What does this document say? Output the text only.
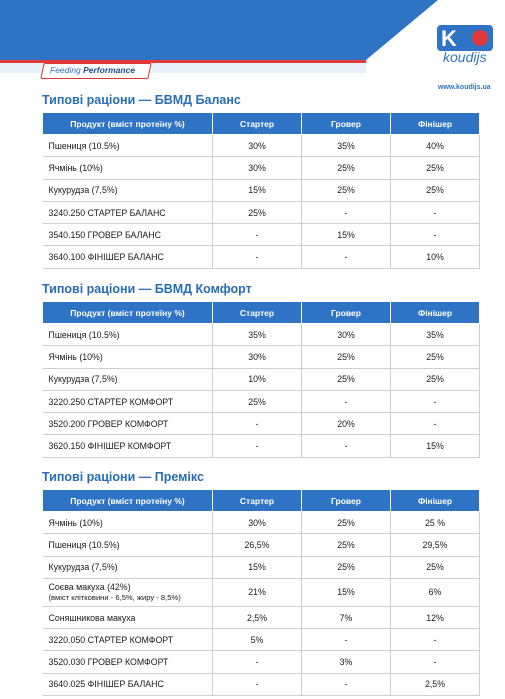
Feeding Performance
K
koudijs
www.koudijs.ua
Типові раціони — БВМД Баланс
Продукт (вміст протеїну %)	Стартер	Гровер	Фінішер
Пшениця (10.5%)	30%	35%	40%
Ячмінь (10%)	30%	25%	25%
Кукурудза (7,5%)	15%	25%	25%
3240.250 СТАРТЕР БАЛАНС	25%	-	-
3540.150 ГРОВЕР БАЛАНС	-	15%	-
3640.100 ФІНІШЕР БАЛАНС	-	-	10%
Типові раціони — БВМД Комфорт
Продукт (вміст протеїну %)	Стартер	Гровер	Фінішер
Пшениця (10.5%)	35%	30%	35%
Ячмінь (10%)	30%	25%	25%
Кукурудза (7,5%)	10%	25%	25%
3220.250 СТАРТЕР КОМФОРТ	25%	-	-
3520.200 ГРОВЕР КОМФОРТ	-	20%	-
3620.150 ФІНІШЕР КОМФОРТ	-	-	15%
Типові раціони — Премікс
Продукт (вміст протеїну %)	Стартер	Гровер	Фінішер
Ячмінь (10%)	30%	25%	25 %
Пшениця (10.5%)	26,5%	25%	29,5%
Кукурудза (7,5%)	15%	25%	25%
Соєва макуха (42%)
(вміст клітковини - 6,5%, жиру - 8,5%)	21%	15%	6%
Соняшникова макуха	2,5%	7%	12%
3220.050 СТАРТЕР КОМФОРТ	5%	-	-
3520.030 ГРОВЕР КОМФОРТ	-	3%	-
3640.025 ФІНІШЕР БАЛАНС	-	-	2,5%
